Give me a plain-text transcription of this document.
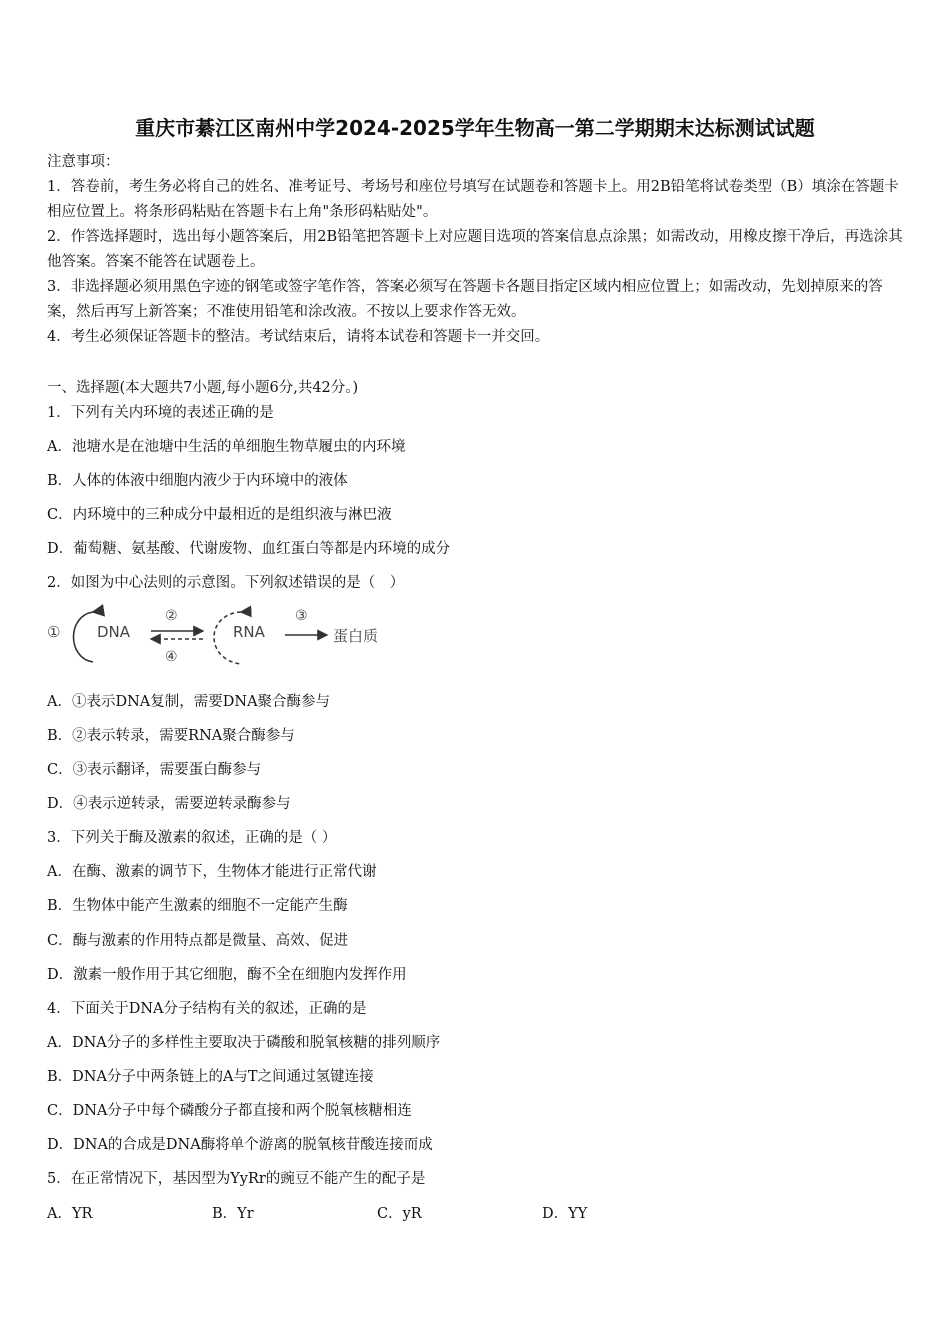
重庆市綦江区南州中学2024-2025学年生物高一第二学期期末达标测试试题

注意事项：

1．答卷前，考生务必将自己的姓名、准考证号、考场号和座位号填写在试题卷和答题卡上。用2B铅笔将试卷类型（B）填涂在答题卡相应位置上。将条形码粘贴在答题卡右上角"条形码粘贴处"。

2．作答选择题时，选出每小题答案后，用2B铅笔把答题卡上对应题目选项的答案信息点涂黑；如需改动，用橡皮擦干净后，再选涂其他答案。答案不能答在试题卷上。

3．非选择题必须用黑色字迹的钢笔或签字笔作答，答案必须写在答题卡各题目指定区域内相应位置上；如需改动，先划掉原来的答案，然后再写上新答案；不准使用铅笔和涂改液。不按以上要求作答无效。

4．考生必须保证答题卡的整洁。考试结束后，请将本试卷和答题卡一并交回。

一、选择题(本大题共7小题,每小题6分,共42分。)
1．下列有关内环境的表述正确的是
A．池塘水是在池塘中生活的单细胞生物草履虫的内环境
B．人体的体液中细胞内液少于内环境中的液体
C．内环境中的三种成分中最相近的是组织液与淋巴液
D．葡萄糖、氨基酸、代谢废物、血红蛋白等都是内环境的成分
2．如图为中心法则的示意图。下列叙述错误的是（　）
① DNA
②
④
RNA
③
蛋白质
A．①表示DNA复制，需要DNA聚合酶参与
B．②表示转录，需要RNA聚合酶参与
C．③表示翻译，需要蛋白酶参与
D．④表示逆转录，需要逆转录酶参与
3．下列关于酶及激素的叙述，正确的是（ ）
A．在酶、激素的调节下，生物体才能进行正常代谢
B．生物体中能产生激素的细胞不一定能产生酶
C．酶与激素的作用特点都是微量、高效、促进
D．激素一般作用于其它细胞，酶不全在细胞内发挥作用
4．下面关于DNA分子结构有关的叙述，正确的是
A．DNA分子的多样性主要取决于磷酸和脱氧核糖的排列顺序
B．DNA分子中两条链上的A与T之间通过氢键连接
C．DNA分子中每个磷酸分子都直接和两个脱氧核糖相连
D．DNA的合成是DNA酶将单个游离的脱氧核苷酸连接而成
5．在正常情况下，基因型为YyRr的豌豆不能产生的配子是
A．YR	B．Yr	C．yR	D．YY
